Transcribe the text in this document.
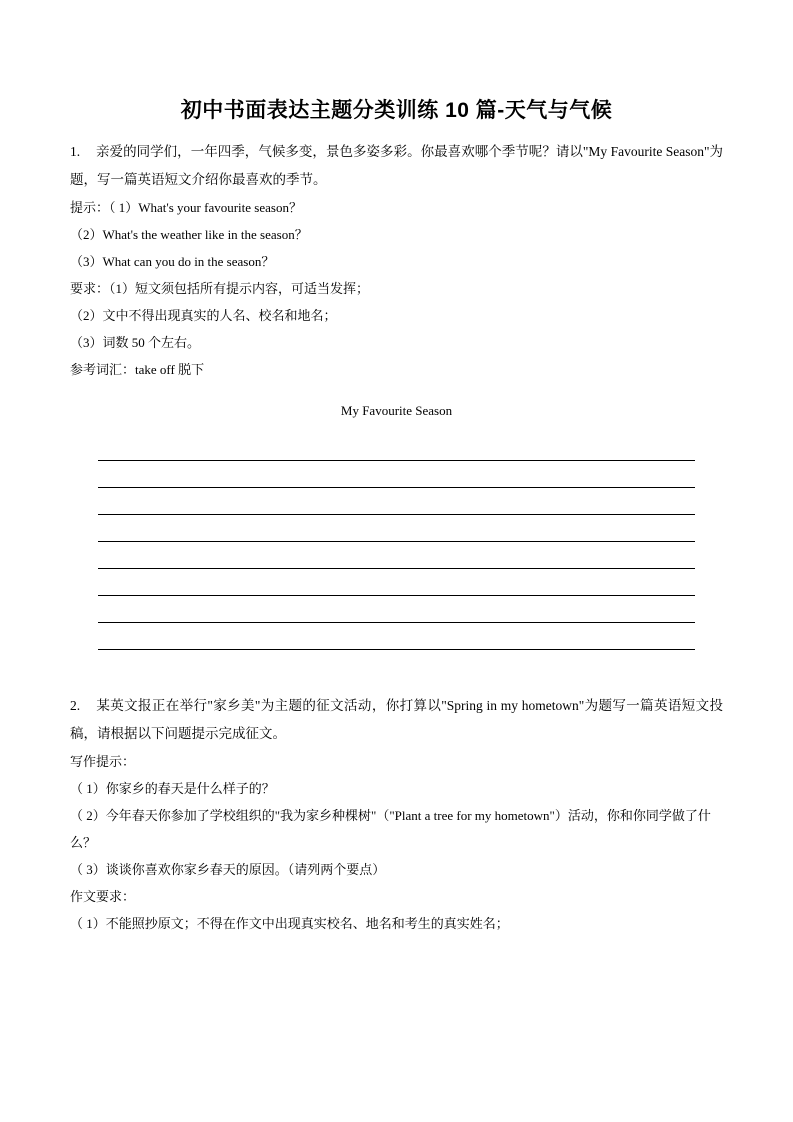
初中书面表达主题分类训练 10 篇-天气与气候
1. 亲爱的同学们，一年四季，气候多变，景色多姿多彩。你最喜欢哪个季节呢？请以"My Favourite Season"为题，写一篇英语短文介绍你最喜欢的季节。
提示：（ 1）What's your favourite season？
（2）What's the weather like in the season？
（3）What can you do in the season？
要求：（1）短文须包括所有提示内容，可适当发挥；
（2）文中不得出现真实的人名、校名和地名；
（3）词数 50 个左右。
参考词汇：take off 脱下
My Favourite Season
2. 某英文报正在举行"家乡美"为主题的征文活动，你打算以"Spring in my hometown"为题写一篇英语短文投稿，请根据以下问题提示完成征文。
写作提示：
（ 1）你家乡的春天是什么样子的？
（ 2）今年春天你参加了学校组织的"我为家乡种棵树"（"Plant a tree for my hometown"）活动，你和你同学做了什么？
（ 3）谈谈你喜欢你家乡春天的原因。（请列两个要点）
作文要求：
（ 1）不能照抄原文；不得在作文中出现真实校名、地名和考生的真实姓名；
